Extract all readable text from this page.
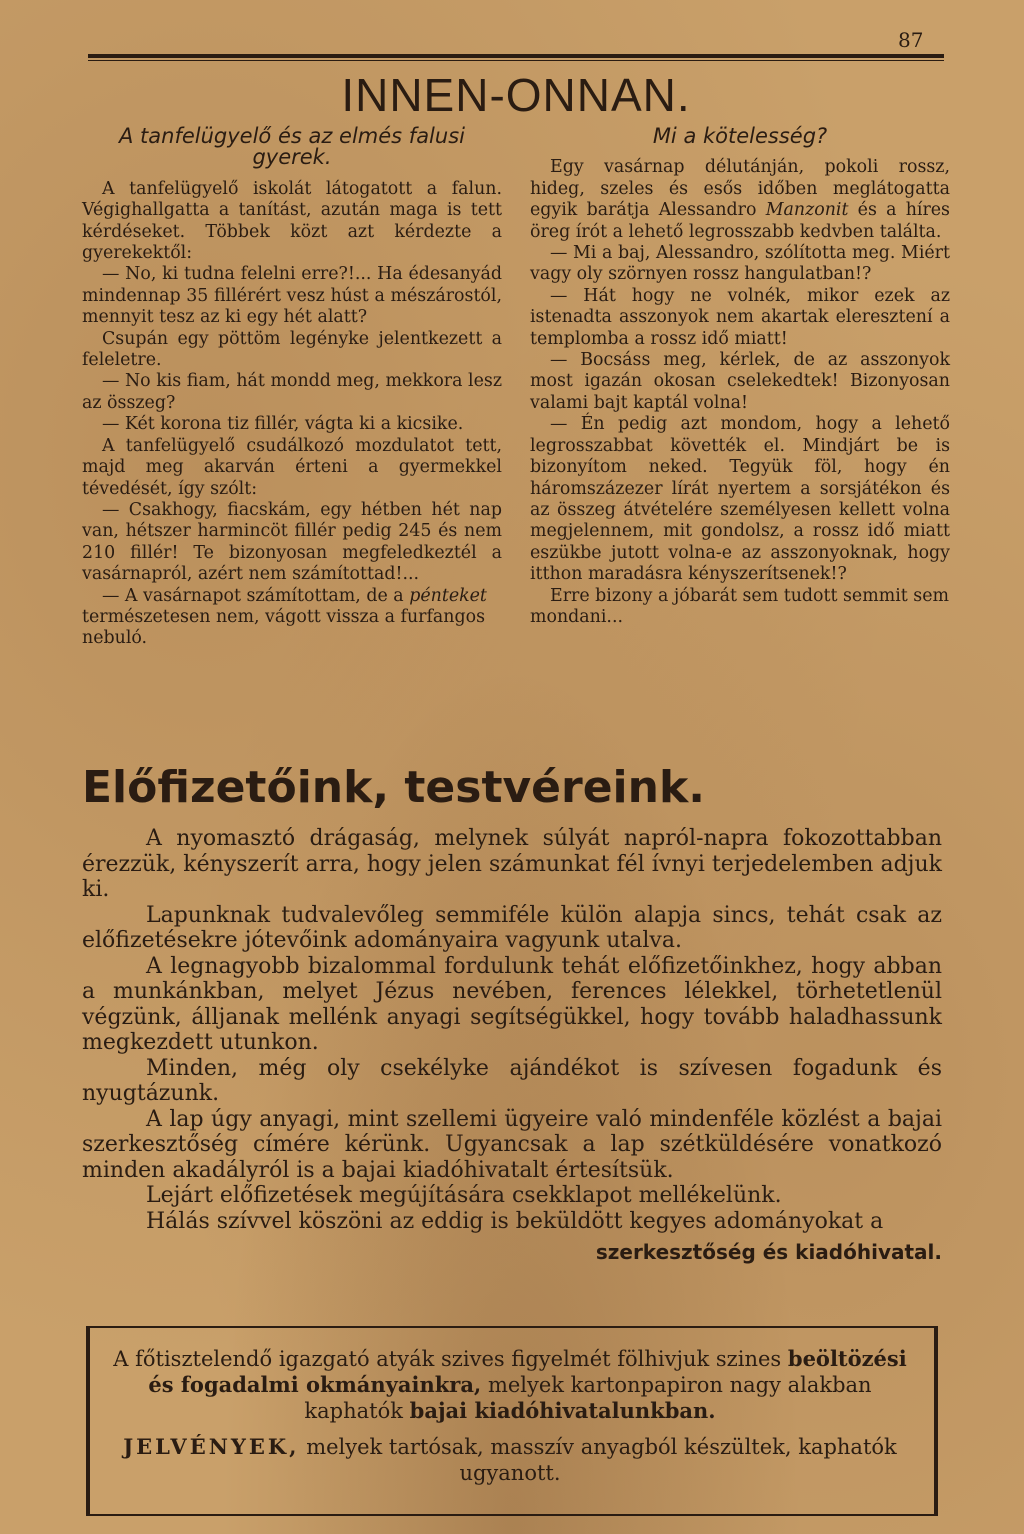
87
INNEN-ONNAN.
A tanfelügyelő és az elmés falusi gyerek.

A tanfelügyelő iskolát látogatott a falun. Végighallgatta a tanítást, azután maga is tett kérdéseket. Többek közt azt kérdezte a gyerekektől:

— No, ki tudna felelni erre?!... Ha édesanyád mindennap 35 fillérért vesz húst a mészárostól, mennyit tesz az ki egy hét alatt?

Csupán egy pöttöm legényke jelentkezett a feleletre.

— No kis fiam, hát mondd meg, mekkora lesz az összeg?

— Két korona tiz fillér, vágta ki a kicsike.

A tanfelügyelő csudálkozó mozdulatot tett, majd meg akarván érteni a gyermekkel tévedését, így szólt:

— Csakhogy, fiacskám, egy hétben hét nap van, hétszer harmincöt fillér pedig 245 és nem 210 fillér! Te bizonyosan megfeledkeztél a vasárnapról, azért nem számítottad!...

— A vasárnapot számítottam, de a pénteket természetesen nem, vágott vissza a furfangos nebuló.

Mi a kötelesség?

Egy vasárnap délutánján, pokoli rossz, hideg, szeles és esős időben meglátogatta egyik barátja Alessandro Manzonit és a híres öreg írót a lehető legrosszabb kedvben találta.

— Mi a baj, Alessandro, szólította meg. Miért vagy oly szörnyen rossz hangulatban!?

— Hát hogy ne volnék, mikor ezek az istenadta asszonyok nem akartak eleresztení a templomba a rossz idő miatt!

— Bocsáss meg, kérlek, de az asszonyok most igazán okosan cselekedtek! Bizonyosan valami bajt kaptál volna!

— Én pedig azt mondom, hogy a lehető legrosszabbat követték el. Mindjárt be is bizonyítom neked. Tegyük föl, hogy én háromszázezer lírát nyertem a sorsjátékon és az összeg átvételére személyesen kellett volna megjelennem, mit gondolsz, a rossz idő miatt eszükbe jutott volna-e az asszonyoknak, hogy itthon maradásra kényszerítsenek!?

Erre bizony a jóbarát sem tudott semmit sem mondani...

Előfizetőink, testvéreink.

A nyomasztó drágaság, melynek súlyát napról-napra fokozottabban érezzük, kényszerít arra, hogy jelen számunkat fél ívnyi terjedelemben adjuk ki.

Lapunknak tudvalevőleg semmiféle külön alapja sincs, tehát csak az előfizetésekre jótevőink adományaira vagyunk utalva.

A legnagyobb bizalommal fordulunk tehát előfizetőinkhez, hogy abban a munkánkban, melyet Jézus nevében, ferences lélekkel, törhetetlenül végzünk, álljanak mellénk anyagi segítségükkel, hogy tovább haladhassunk megkezdett utunkon.

Minden, még oly csekélyke ajándékot is szívesen fogadunk és nyugtázunk.

A lap úgy anyagi, mint szellemi ügyeire való mindenféle közlést a bajai szerkesztőség címére kérünk. Ugyancsak a lap szétküldésére vonatkozó minden akadályról is a bajai kiadóhivatalt értesítsük.

Lejárt előfizetések megújítására csekklapot mellékelünk.

Hálás szívvel köszöni az eddig is beküldött kegyes adományokat a

szerkesztőség és kiadóhivatal.

A főtisztelendő igazgató atyák szives figyelmét fölhivjuk szines beöltözési és fogadalmi okmányainkra, melyek kartonpapiron nagy alakban kaphatók bajai kiadóhivatalunkban.

JELVÉNYEK, melyek tartósak, masszív anyagból készültek, kaphatók ugyanott.
